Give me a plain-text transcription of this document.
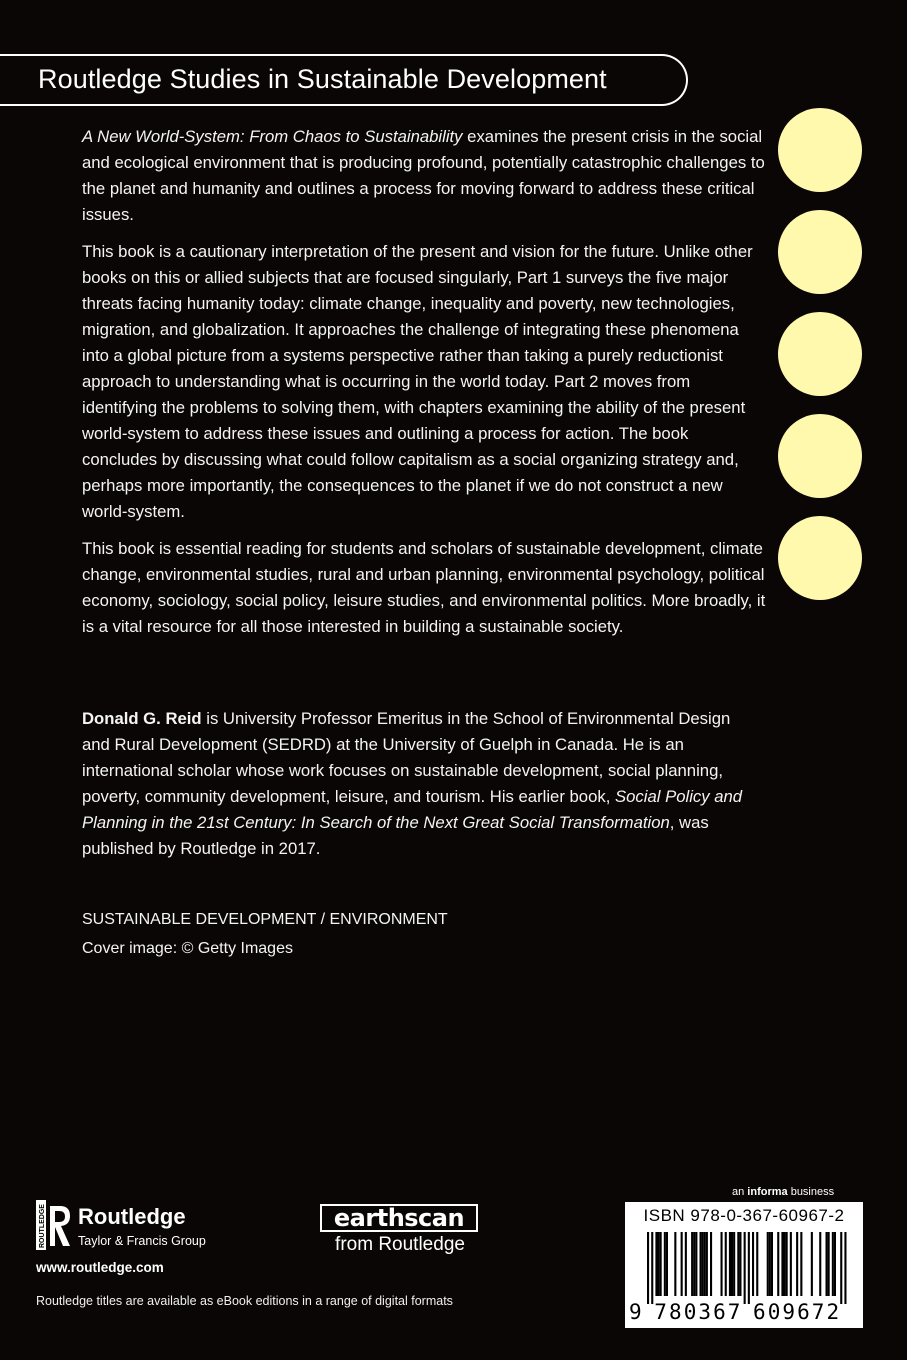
Routledge Studies in Sustainable Development

A New World-System: From Chaos to Sustainability examines the present crisis in the social and ecological environment that is producing profound, potentially catastrophic challenges to the planet and humanity and outlines a process for moving forward to address these critical issues.

This book is a cautionary interpretation of the present and vision for the future. Unlike other books on this or allied subjects that are focused singularly, Part 1 surveys the five major threats facing humanity today: climate change, inequality and poverty, new technologies, migration, and globalization. It approaches the challenge of integrating these phenomena into a global picture from a systems perspective rather than taking a purely reductionist approach to understanding what is occurring in the world today. Part 2 moves from identifying the problems to solving them, with chapters examining the ability of the present world-system to address these issues and outlining a process for action. The book concludes by discussing what could follow capitalism as a social organizing strategy and, perhaps more importantly, the consequences to the planet if we do not construct a new world-system.

This book is essential reading for students and scholars of sustainable development, climate change, environmental studies, rural and urban planning, environmental psychology, political economy, sociology, social policy, leisure studies, and environmental politics. More broadly, it is a vital resource for all those interested in building a sustainable society.

Donald G. Reid is University Professor Emeritus in the School of Environmental Design and Rural Development (SEDRD) at the University of Guelph in Canada. He is an international scholar whose work focuses on sustainable development, social planning, poverty, community development, leisure, and tourism. His earlier book, Social Policy and Planning in the 21st Century: In Search of the Next Great Social Transformation, was published by Routledge in 2017.

SUSTAINABLE DEVELOPMENT / ENVIRONMENT
Cover image: © Getty Images
ROUTLEDGE Routledge
Taylor & Francis Group
www.routledge.com
Routledge titles are available as eBook editions in a range of digital formats
earthscan
from Routledge
an informa business
ISBN 978-0-367-60967-2
9 7 8 0 3 6 7 6 0 9 6 7 2
